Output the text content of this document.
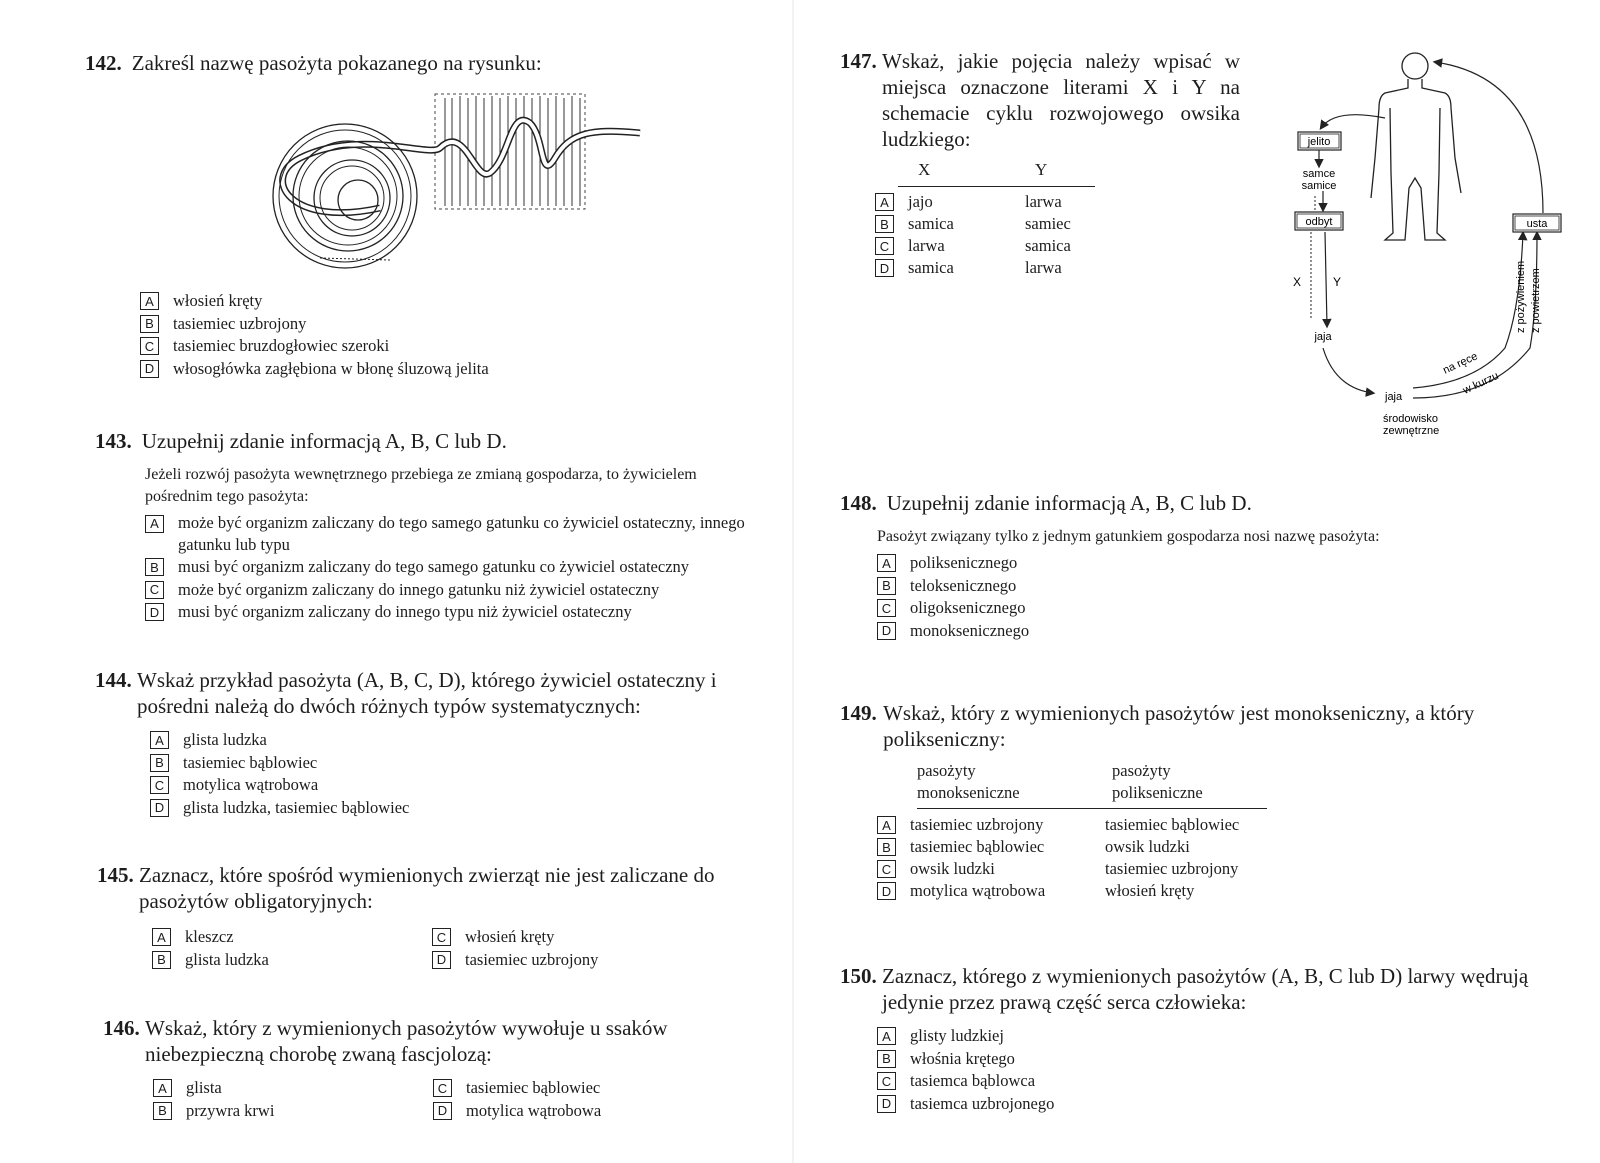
142. Zakreśl nazwę pasożyta pokazanego na rysunku:
A	włosień kręty
B	tasiemiec uzbrojony
C tasiemiec bruzdogłowiec szeroki
D włosogłówka zagłębiona w błonę śluzową jelita
143. Uzupełnij zdanie informacją A, B, C lub D.
Jeżeli rozwój pasożyta wewnętrznego przebiega ze zmianą gospodarza, to żywicielem pośrednim tego pasożyta:
A	może być organizm zaliczany do tego samego gatunku co żywiciel ostateczny, innego gatunku lub typu
B	musi być organizm zaliczany do tego samego gatunku co żywiciel ostateczny
C może być organizm zaliczany do innego gatunku niż żywiciel ostateczny
D musi być organizm zaliczany do innego typu niż żywiciel ostateczny
144. Wskaż przykład pasożyta (A, B, C, D), którego żywiciel ostateczny i pośredni należą do dwóch różnych typów systematycznych:
A	glista ludzka
B	tasiemiec bąblowiec
C motylica wątrobowa
D glista ludzka, tasiemiec bąblowiec
145. Zaznacz, które spośród wymienionych zwierząt nie jest zaliczane do pasożytów obligatoryjnych:
A	kleszcz
B	glista ludzka
C włosień kręty
D tasiemiec uzbrojony
146. Wskaż, który z wymienionych pasożytów wywołuje u ssaków niebezpieczną chorobę zwaną fascjolozą:
A	glista
B	przywra krwi
C tasiemiec bąblowiec
D motylica wątrobowa
147. Wskaż, jakie pojęcia należy wpisać w miejsca oznaczone literami X i Y na schemacie cyklu rozwojowego owsika ludzkiego:
X	Y
A	jajo	larwa
B	samica	samiec
C larwa	samica
D samica	larwa
jelito
samce
samice
odbyt
X	Y
jaja
jaja
środowisko
zewnętrzne
na ręce
w kurzu
z pożywieniem z powietrzem
usta
148. Uzupełnij zdanie informacją A, B, C lub D.
Pasożyt związany tylko z jednym gatunkiem gospodarza nosi nazwę pasożyta:
A	poliksenicznego
B	teloksenicznego
C oligoksenicznego
D monoksenicznego
149. Wskaż, który z wymienionych pasożytów jest monokseniczny, a który polikseniczny:
pasożyty
monokseniczne
pasożyty
polikseniczne
A	tasiemiec uzbrojony	tasiemiec bąblowiec
B	tasiemiec bąblowiec	owsik ludzki
C owsik ludzki	tasiemiec uzbrojony
D motylica wątrobowa	włosień kręty
150. Zaznacz, którego z wymienionych pasożytów (A, B, C lub D) larwy wędrują jedynie przez prawą część serca człowieka:
A	glisty ludzkiej
B	włośnia krętego
C tasiemca bąblowca
D tasiemca uzbrojonego
